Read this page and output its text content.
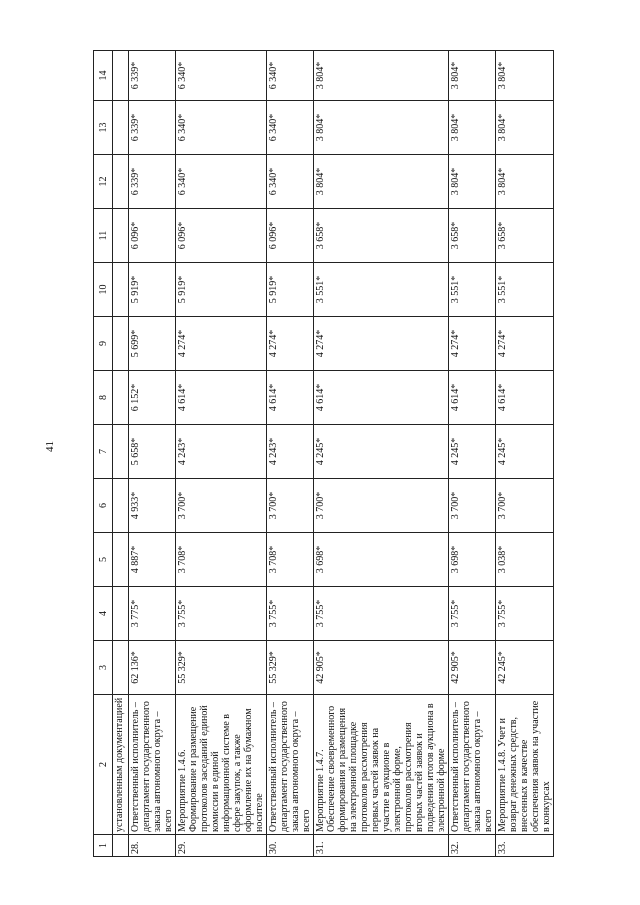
41
1	2	3	4	5	6	7	8	9	10	11	12	13	14
	установленным документацией												
28.	Ответственный исполнитель – департамент государственного заказа автономного округа – всего	62 136*	3 775*	4 887*	4 933*	5 658*	6 152*	5 699*	5 919*	6 096*	6 339*	6 339*	6 339*
29.	Мероприятие 1.4.6. Формирование и размещение протоколов заседаний единой комиссии в единой информационной системе в сфере закупок, а также оформление их на бумажном носителе	55 329*	3 755*	3 708*	3 700*	4 243*	4 614*	4 274*	5 919*	6 096*	6 340*	6 340*	6 340*
30.	Ответственный исполнитель – департамент государственного заказа автономного округа – всего	55 329*	3 755*	3 708*	3 700*	4 243*	4 614*	4 274*	5 919*	6 096*	6 340*	6 340*	6 340*
31.	Мероприятие 1.4.7. Обеспечение своевременного формирования и размещения на электронной площадке протоколов рассмотрения первых частей заявок на участие в аукционе в электронной форме, протоколов рассмотрения вторых частей заявок и подведения итогов аукциона в электронной форме	42 905*	3 755*	3 698*	3 700*	4 245*	4 614*	4 274*	3 551*	3 658*	3 804*	3 804*	3 804*
32.	Ответственный исполнитель – департамент государственного заказа автономного округа – всего	42 905*	3 755*	3 698*	3 700*	4 245*	4 614*	4 274*	3 551*	3 658*	3 804*	3 804*	3 804*
33.	Мероприятие 1.4.8. Учет и возврат денежных средств, внесенных в качестве обеспечения заявок на участие в конкурсах	42 245*	3 755*	3 038*	3 700*	4 245*	4 614*	4 274*	3 551*	3 658*	3 804*	3 804*	3 804*
